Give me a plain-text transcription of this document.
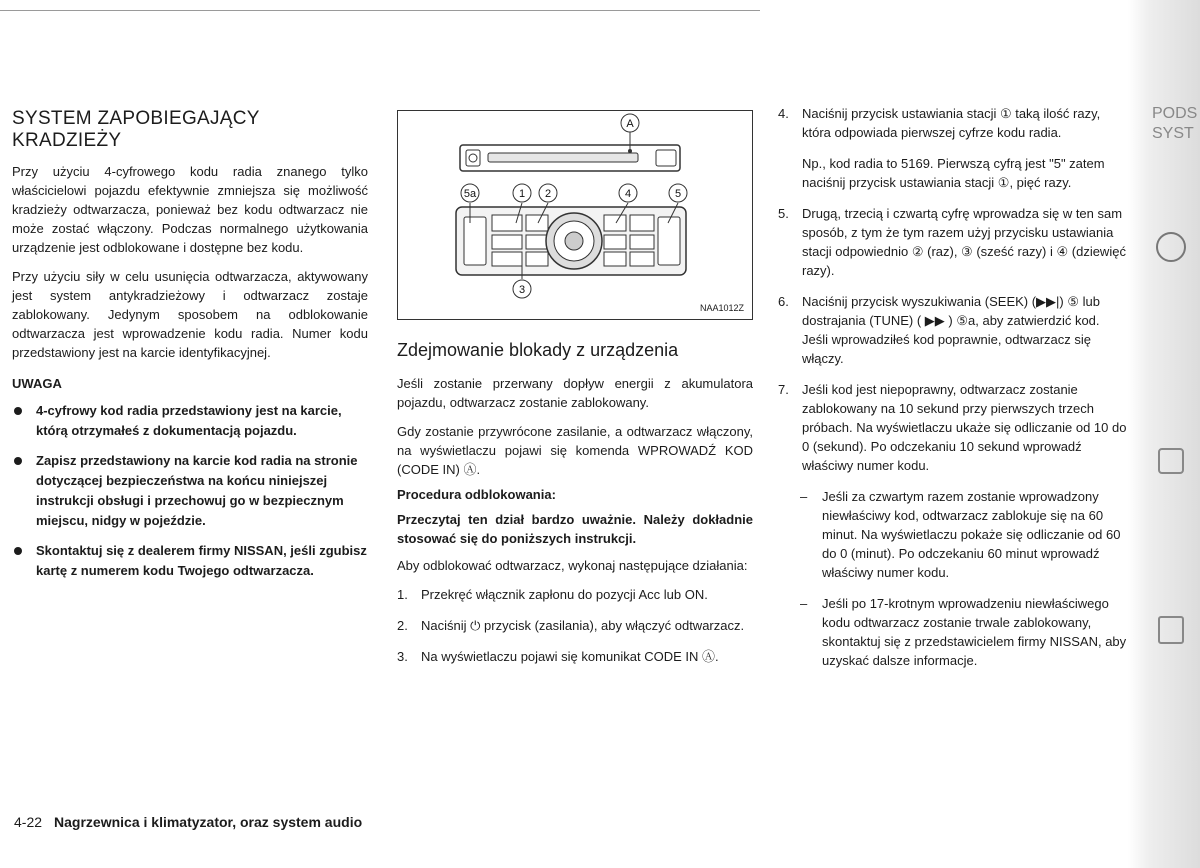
SYSTEM ZAPOBIEGAJĄCY KRADZIEŻY

Przy użyciu 4-cyfrowego kodu radia znanego tylko właścicielowi pojazdu efektywnie zmniejsza się możliwość kradzieży odtwarzacza, ponieważ bez kodu odtwarzacz nie może zostać włączony. Podczas normalnego użytkowania urządzenie jest odblokowane i dostępne bez kodu.

Przy użyciu siły w celu usunięcia odtwarzacza, aktywowany jest system antykradzieżowy i odtwarzacz zostaje zablokowany. Jedynym sposobem na odblokowanie odtwarzacza jest wprowadzenie kodu radia. Numer kodu przedstawiony jest na karcie identyfikacyjnej.

UWAGA

4-cyfrowy kod radia przedstawiony jest na karcie, którą otrzymałeś z dokumentacją pojazdu.
Zapisz przedstawiony na karcie kod radia na stronie dotyczącej bezpieczeństwa na końcu niniejszej instrukcji obsługi i przechowuj go w bezpiecznym miejscu, nidgy w pojeździe.
Skontaktuj się z dealerem firmy NISSAN, jeśli zgubisz kartę z numerem kodu Twojego odtwarzacza.
A
5a	1 2	4	5
3
NAA1012Z
Zdejmowanie blokady z urządzenia

Jeśli zostanie przerwany dopływ energii z akumulatora pojazdu, odtwarzacz zostanie zablokowany.

Gdy zostanie przywrócone zasilanie, a odtwarzacz włączony, na wyświetlaczu pojawi się komenda WPROWADŹ KOD (CODE IN) Ⓐ.

Procedura odblokowania:

Przeczytaj ten dział bardzo uważnie. Należy dokładnie stosować się do poniższych instrukcji.

Aby odblokować odtwarzacz, wykonaj następujące działania:

1. Przekręć włącznik zapłonu do pozycji Acc lub ON.
2. Naciśnij ⏻ przycisk (zasilania), aby włączyć odtwarzacz.
3. Na wyświetlaczu pojawi się komunikat CODE IN Ⓐ.
4. Naciśnij przycisk ustawiania stacji ① taką ilość razy, która odpowiada pierwszej cyfrze kodu radia.
Np., kod radia to 5169. Pierwszą cyfrą jest "5" zatem naciśnij przycisk ustawiania stacji ①, pięć razy.
5. Drugą, trzecią i czwartą cyfrę wprowadza się w ten sam sposób, z tym że tym razem użyj przycisku ustawiania stacji odpowiednio ② (raz), ③ (sześć razy) i ④ (dziewięć razy).
6. Naciśnij przycisk wyszukiwania (SEEK) (▶▶|) ⑤ lub dostrajania (TUNE) ( ▶▶ ) ⑤a, aby zatwierdzić kod. Jeśli wprowadziłeś kod poprawnie, odtwarzacz się włączy.
7. Jeśli kod jest niepoprawny, odtwarzacz zostanie zablokowany na 10 sekund przy pierwszych trzech próbach. Na wyświetlaczu ukaże się odliczanie od 10 do 0 (sekund). Po odczekaniu 10 sekund wprowadź właściwy numer kodu.
– Jeśli za czwartym razem zostanie wprowadzony niewłaściwy kod, odtwarzacz zablokuje się na 60 minut. Na wyświetlaczu pokaże się odliczanie od 60 do 0 (minut). Po odczekaniu 60 minut wprowadź właściwy numer kodu.
– Jeśli po 17-krotnym wprowadzeniu niewłaściwego kodu odtwarzacz zostanie trwale zablokowany, skontaktuj się z przedstawicielem firmy NISSAN, aby uzyskać dalsze informacje.
PODS
SYST
4-22 Nagrzewnica i klimatyzator, oraz system audio
